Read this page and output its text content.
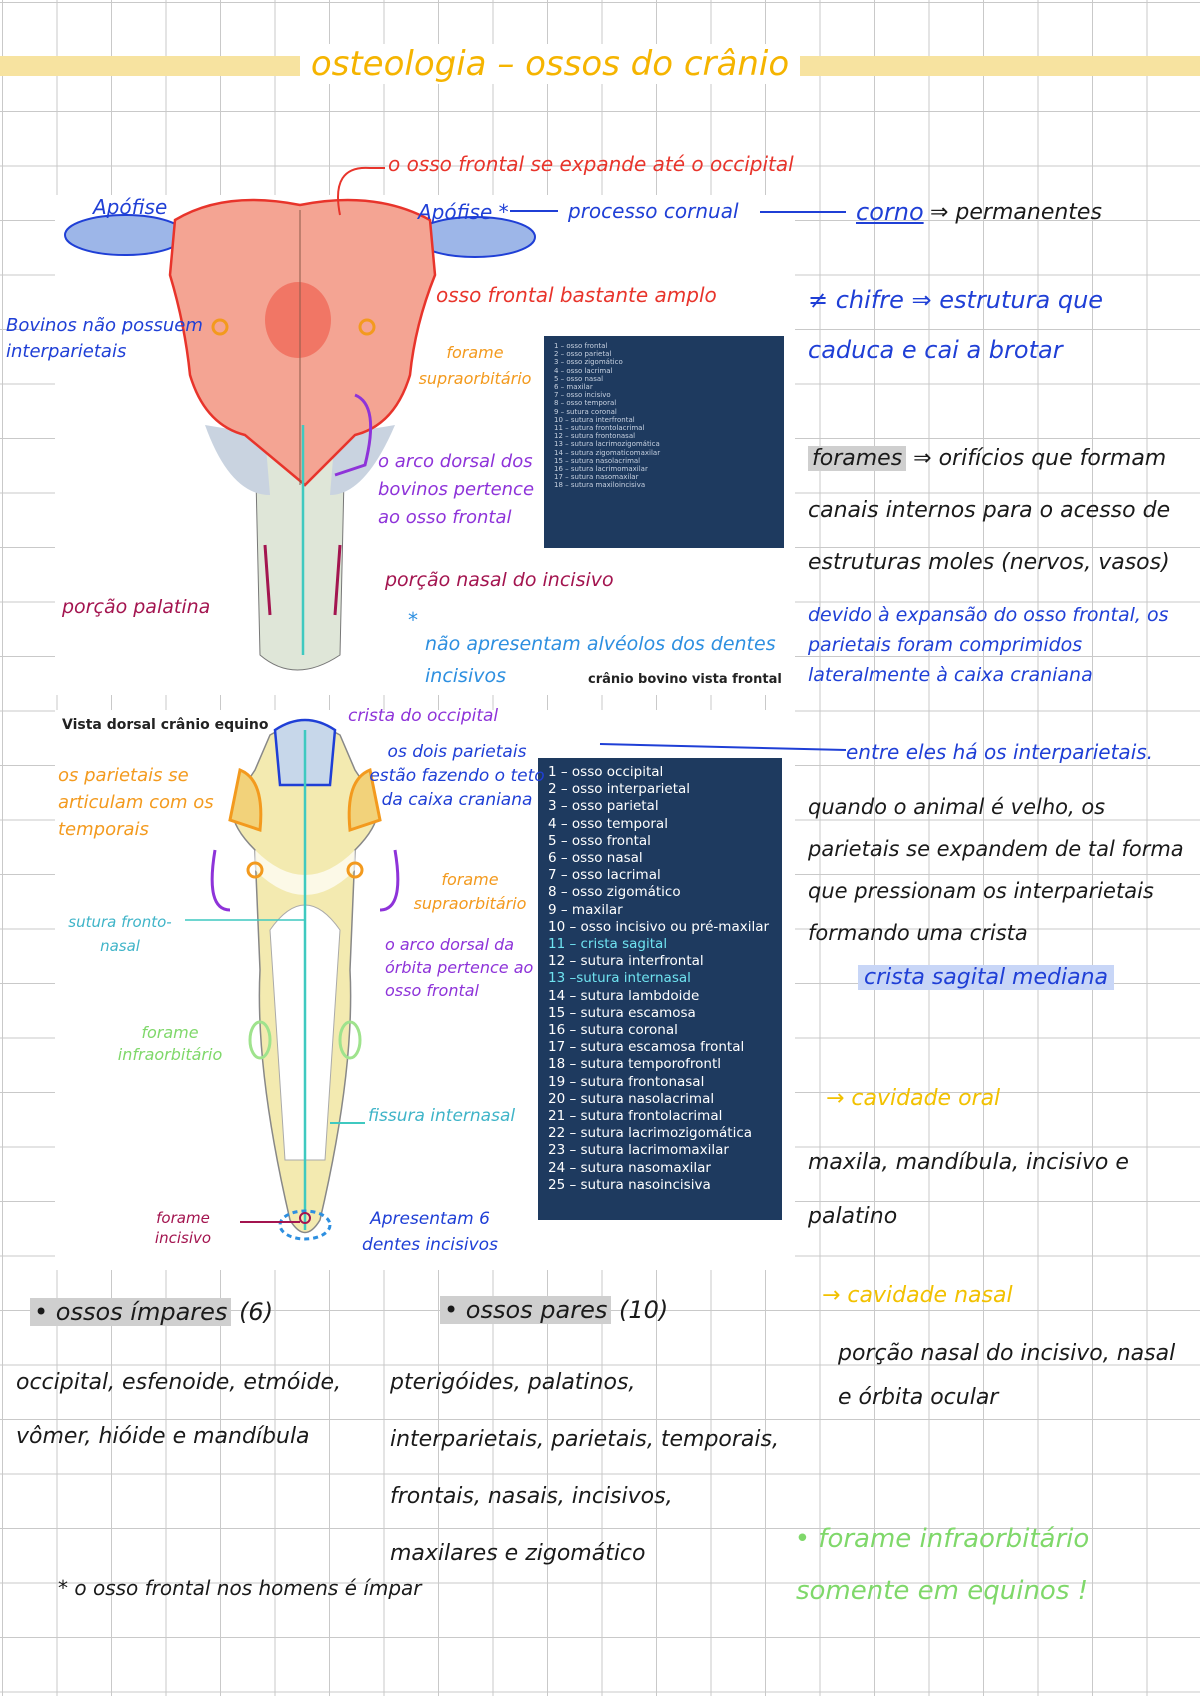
osteologia – ossos do crânio
1 – osso frontal
2 – osso parietal
3 – osso zigomático
4 – osso lacrimal
5 – osso nasal
6 – maxilar
7 – osso incisivo
8 – osso temporal
9 – sutura coronal
10 – sutura interfrontal
11 – sutura frontolacrimal
12 – sutura frontonasal
13 – sutura lacrimozigomática
14 – sutura zigomaticomaxilar
15 – sutura nasolacrimal
16 – sutura lacrimomaxilar
17 – sutura nasomaxilar
18 – sutura maxiloincisiva
crânio bovino vista frontal
o osso frontal se expande até o occipital
Apófise	Apófise *	processo cornual
Bovinos não possuem interparietais
osso frontal bastante amplo
forame supraorbitário
o arco dorsal dos bovinos pertence ao osso frontal
porção nasal do incisivo
porção palatina
*
não apresentam alvéolos dos dentes incisivos
Vista dorsal crânio equino
1 – osso occipital
2 – osso interparietal
3 – osso parietal
4 – osso temporal
5 – osso frontal
6 – osso nasal
7 – osso lacrimal
8 – osso zigomático
9 – maxilar
10 – osso incisivo ou pré-maxilar
11 – crista sagital
12 – sutura interfrontal
13 –sutura internasal
14 – sutura lambdoide
15 – sutura escamosa
16 – sutura coronal
17 – sutura escamosa frontal
18 – sutura temporofrontl
19 – sutura frontonasal
20 – sutura nasolacrimal
21 – sutura frontolacrimal
22 – sutura lacrimozigomática
23 – sutura lacrimomaxilar
24 – sutura nasomaxilar
25 – sutura nasoincisiva
crista do occipital
os parietais se articulam com os temporais
os dois parietais estão fazendo o teto da caixa craniana
forame supraorbitário
sutura fronto-nasal	o arco dorsal da órbita pertence ao osso frontal
forame infraorbitário
fissura internasal
forame incisivo
Apresentam 6 dentes incisivos
corno ⇒ permanentes
≠ chifre ⇒ estrutura que caduca e cai a brotar
forames ⇒ orifícios que formam canais internos para o acesso de estruturas moles (nervos, vasos)
devido à expansão do osso frontal, os parietais foram comprimidos lateralmente à caixa craniana
entre eles há os interparietais.
quando o animal é velho, os parietais se expandem de tal forma que pressionam os interparietais formando uma crista
crista sagital mediana
→ cavidade oral
maxila, mandíbula, incisivo e palatino
→ cavidade nasal
porção nasal do incisivo, nasal e órbita ocular
• forame infraorbitário somente em equinos !
• ossos ímpares (6)
occipital, esfenoide, etmóide, vômer, hióide e mandíbula
• ossos pares (10)
pterigóides, palatinos, interparietais, parietais, temporais, frontais, nasais, incisivos, maxilares e zigomático
* o osso frontal nos homens é ímpar
